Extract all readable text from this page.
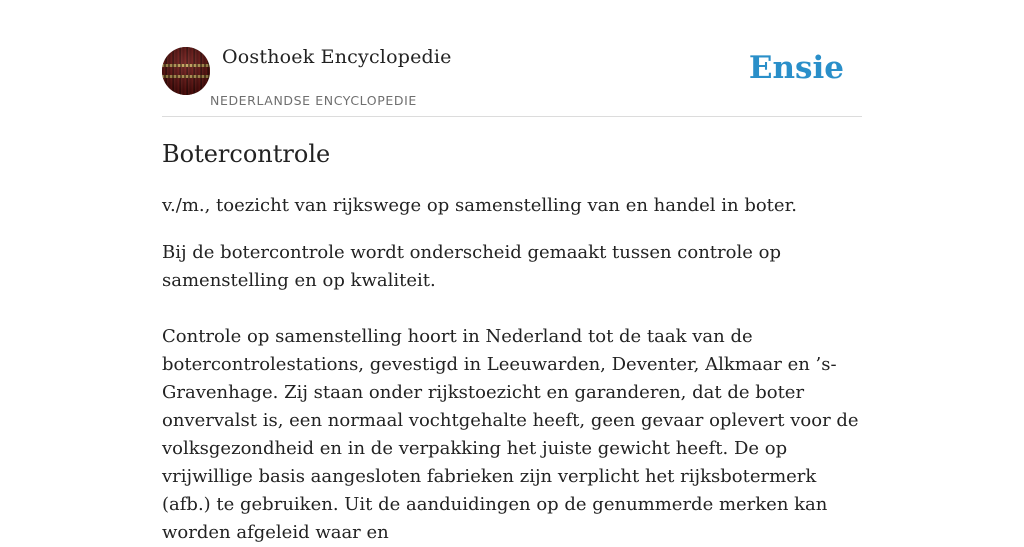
Oosthoek Encyclopedie
NEDERLANDSE ENCYCLOPEDIE
Ensie
Botercontrole

v./m., toezicht van rijkswege op samenstelling van en handel in boter.

Bij de botercontrole wordt onderscheid gemaakt tussen controle op samenstelling en op kwaliteit.

Controle op samenstelling hoort in Nederland tot de taak van de botercontrolestations, gevestigd in Leeuwarden, Deventer, Alkmaar en ’s-Gravenhage. Zij staan onder rijkstoezicht en garanderen, dat de boter onvervalst is, een normaal vochtgehalte heeft, geen gevaar oplevert voor de volksgezondheid en in de verpakking het juiste gewicht heeft. De op vrijwillige basis aangesloten fabrieken zijn verplicht het rijksbotermerk (afb.) te gebruiken. Uit de aanduidingen op de genummerde merken kan worden afgeleid waar en
